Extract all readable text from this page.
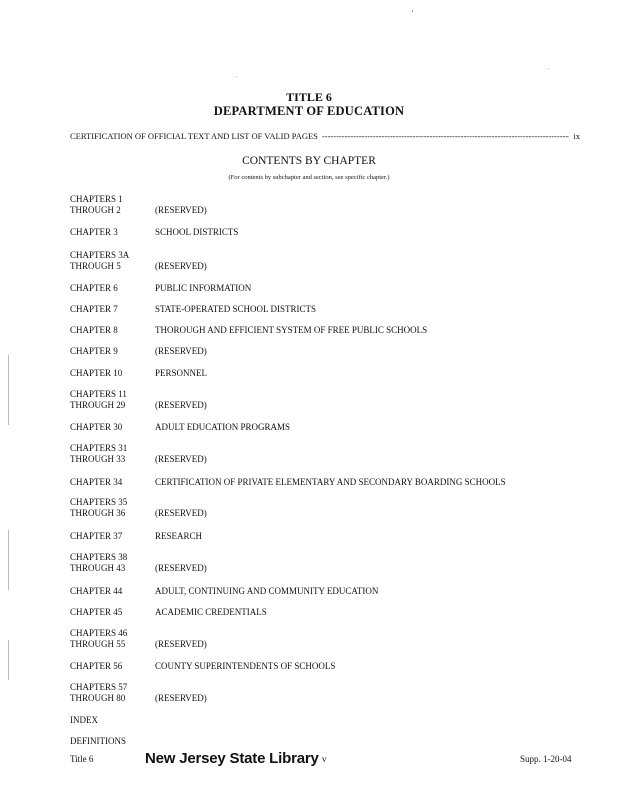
TITLE 6
DEPARTMENT OF EDUCATION
CERTIFICATION OF OFFICIAL TEXT AND LIST OF VALID PAGES
-----	ix
CONTENTS BY CHAPTER
(For contents by subchapter and section, see specific chapter.)
CHAPTERS 1
THROUGH 2	(RESERVED)
CHAPTER 3	SCHOOL DISTRICTS
CHAPTERS 3A
THROUGH 5	(RESERVED)
CHAPTER 6	PUBLIC INFORMATION
CHAPTER 7	STATE-OPERATED SCHOOL DISTRICTS
CHAPTER 8	THOROUGH AND EFFICIENT SYSTEM OF FREE PUBLIC SCHOOLS
CHAPTER 9	(RESERVED)
CHAPTER 10	PERSONNEL
CHAPTERS 11
THROUGH 29	(RESERVED)
CHAPTER 30	ADULT EDUCATION PROGRAMS
CHAPTERS 31
THROUGH 33	(RESERVED)
CHAPTER 34	CERTIFICATION OF PRIVATE ELEMENTARY AND SECONDARY BOARDING SCHOOLS
CHAPTERS 35
THROUGH 36	(RESERVED)
CHAPTER 37	RESEARCH
CHAPTERS 38
THROUGH 43	(RESERVED)
CHAPTER 44	ADULT, CONTINUING AND COMMUNITY EDUCATION
CHAPTER 45	ACADEMIC CREDENTIALS
CHAPTERS 46
THROUGH 55	(RESERVED)
CHAPTER 56	COUNTY SUPERINTENDENTS OF SCHOOLS
CHAPTERS 57
THROUGH 80	(RESERVED)
INDEX
DEFINITIONS
Title 6	New Jersey State Library v	Supp. 1-20-04
